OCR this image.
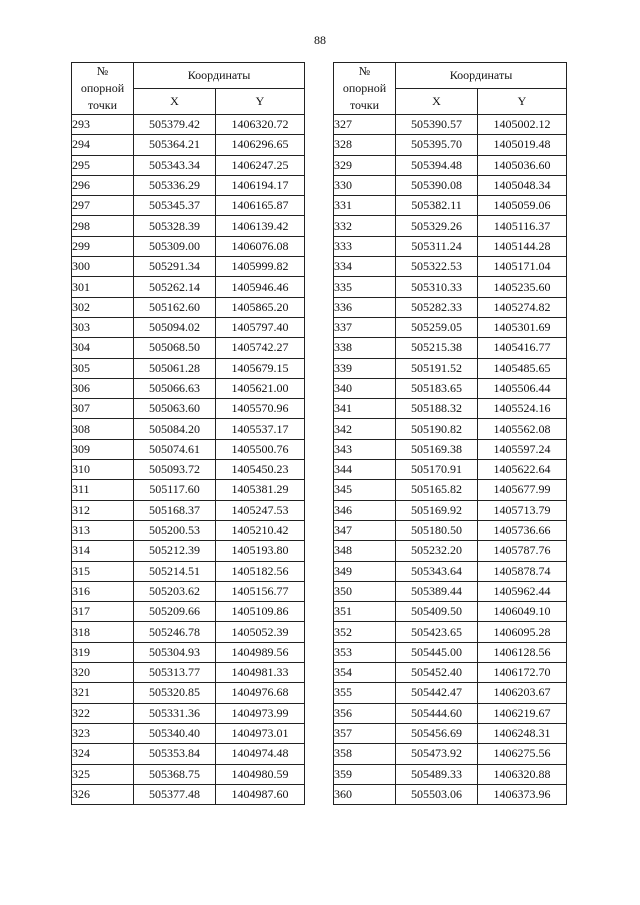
88
№
опорной
точки	Координаты	
	X	Y
293	505379.42	1406320.72
294	505364.21	1406296.65
295	505343.34	1406247.25
296	505336.29	1406194.17
297	505345.37	1406165.87
298	505328.39	1406139.42
299	505309.00	1406076.08
300	505291.34	1405999.82
301	505262.14	1405946.46
302	505162.60	1405865.20
303	505094.02	1405797.40
304	505068.50	1405742.27
305	505061.28	1405679.15
306	505066.63	1405621.00
307	505063.60	1405570.96
308	505084.20	1405537.17
309	505074.61	1405500.76
310	505093.72	1405450.23
311	505117.60	1405381.29
312	505168.37	1405247.53
313	505200.53	1405210.42
314	505212.39	1405193.80
315	505214.51	1405182.56
316	505203.62	1405156.77
317	505209.66	1405109.86
318	505246.78	1405052.39
319	505304.93	1404989.56
320	505313.77	1404981.33
321	505320.85	1404976.68
322	505331.36	1404973.99
323	505340.40	1404973.01
324	505353.84	1404974.48
325	505368.75	1404980.59
326	505377.48	1404987.60
№
опорной
точки	Координаты	
	X	Y
327	505390.57	1405002.12
328	505395.70	1405019.48
329	505394.48	1405036.60
330	505390.08	1405048.34
331	505382.11	1405059.06
332	505329.26	1405116.37
333	505311.24	1405144.28
334	505322.53	1405171.04
335	505310.33	1405235.60
336	505282.33	1405274.82
337	505259.05	1405301.69
338	505215.38	1405416.77
339	505191.52	1405485.65
340	505183.65	1405506.44
341	505188.32	1405524.16
342	505190.82	1405562.08
343	505169.38	1405597.24
344	505170.91	1405622.64
345	505165.82	1405677.99
346	505169.92	1405713.79
347	505180.50	1405736.66
348	505232.20	1405787.76
349	505343.64	1405878.74
350	505389.44	1405962.44
351	505409.50	1406049.10
352	505423.65	1406095.28
353	505445.00	1406128.56
354	505452.40	1406172.70
355	505442.47	1406203.67
356	505444.60	1406219.67
357	505456.69	1406248.31
358	505473.92	1406275.56
359	505489.33	1406320.88
360	505503.06	1406373.96
